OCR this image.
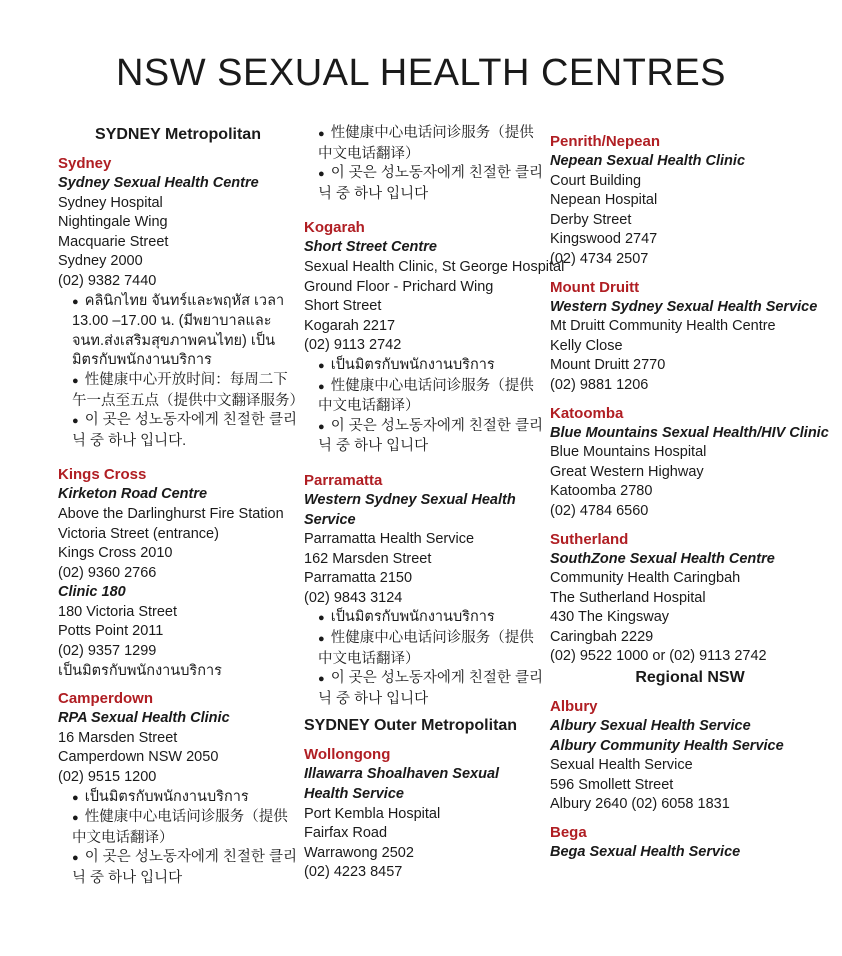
NSW SEXUAL HEALTH CENTRES
SYDNEY Metropolitan
Sydney
Sydney Sexual Health Centre
Sydney Hospital
Nightingale Wing
Macquarie Street
Sydney 2000
(02) 9382 7440
●  คลินิกไทย จันทร์และพฤหัส เวลา 13.00 –17.00 น. (มีพยาบาลและจนท.ส่งเสริมสุขภาพคนไทย) เป็นมิตรกับพนักงานบริการ
●  性健康中心开放时间：每周二下午一点至五点（提供中文翻译服务）
●  이 곳은 성노동자에게 친절한 클리닉 중 하나 입니다.
Kings Cross
Kirketon Road Centre
Above the Darlinghurst Fire Station
Victoria Street (entrance)
Kings Cross 2010
(02) 9360 2766
Clinic 180
180 Victoria Street
Potts Point 2011
(02) 9357 1299
เป็นมิตรกับพนักงานบริการ
Camperdown
RPA Sexual Health Clinic
16 Marsden Street
Camperdown NSW 2050
(02) 9515 1200
●  เป็นมิตรกับพนักงานบริการ
●  性健康中心电话问诊服务（提供中文电话翻译）
●  이 곳은 성노동자에게 친절한 클리닉 중 하나 입니다
●  性健康中心电话问诊服务（提供中文电话翻译）
●  이 곳은 성노동자에게 친절한 클리닉 중 하나 입니다
Kogarah
Short Street Centre
Sexual Health Clinic, St George Hospital
Ground Floor - Prichard Wing
Short Street
Kogarah 2217
(02) 9113 2742
●  เป็นมิตรกับพนักงานบริการ
●  性健康中心电话问诊服务（提供中文电话翻译）
●  이 곳은 성노동자에게 친절한 클리닉 중 하나 입니다
Parramatta
Western Sydney Sexual Health Service
Parramatta Health Service
162 Marsden Street
Parramatta 2150
(02) 9843 3124
●  เป็นมิตรกับพนักงานบริการ
●  性健康中心电话问诊服务（提供中文电话翻译）
●  이 곳은 성노동자에게 친절한 클리닉 중 하나 입니다
SYDNEY Outer Metropolitan
Wollongong
Illawarra Shoalhaven Sexual Health Service
Port Kembla Hospital
Fairfax Road
Warrawong 2502
(02) 4223 8457
Penrith/Nepean
Nepean Sexual Health Clinic
Court Building
Nepean Hospital
Derby Street
Kingswood 2747
(02) 4734 2507
Mount Druitt
Western Sydney Sexual Health Service
Mt Druitt Community Health Centre
Kelly Close
Mount Druitt 2770
(02) 9881 1206
Katoomba
Blue Mountains Sexual Health/HIV Clinic
Blue Mountains Hospital
Great Western Highway
Katoomba 2780
(02) 4784 6560
Sutherland
SouthZone Sexual Health Centre
Community Health Caringbah
The Sutherland Hospital
430 The Kingsway
Caringbah 2229
(02) 9522 1000 or (02) 9113 2742
Regional NSW
Albury
Albury Sexual Health Service
Albury Community Health Service
Sexual Health Service
596 Smollett Street
Albury 2640 (02) 6058 1831
Bega
Bega Sexual Health Service
